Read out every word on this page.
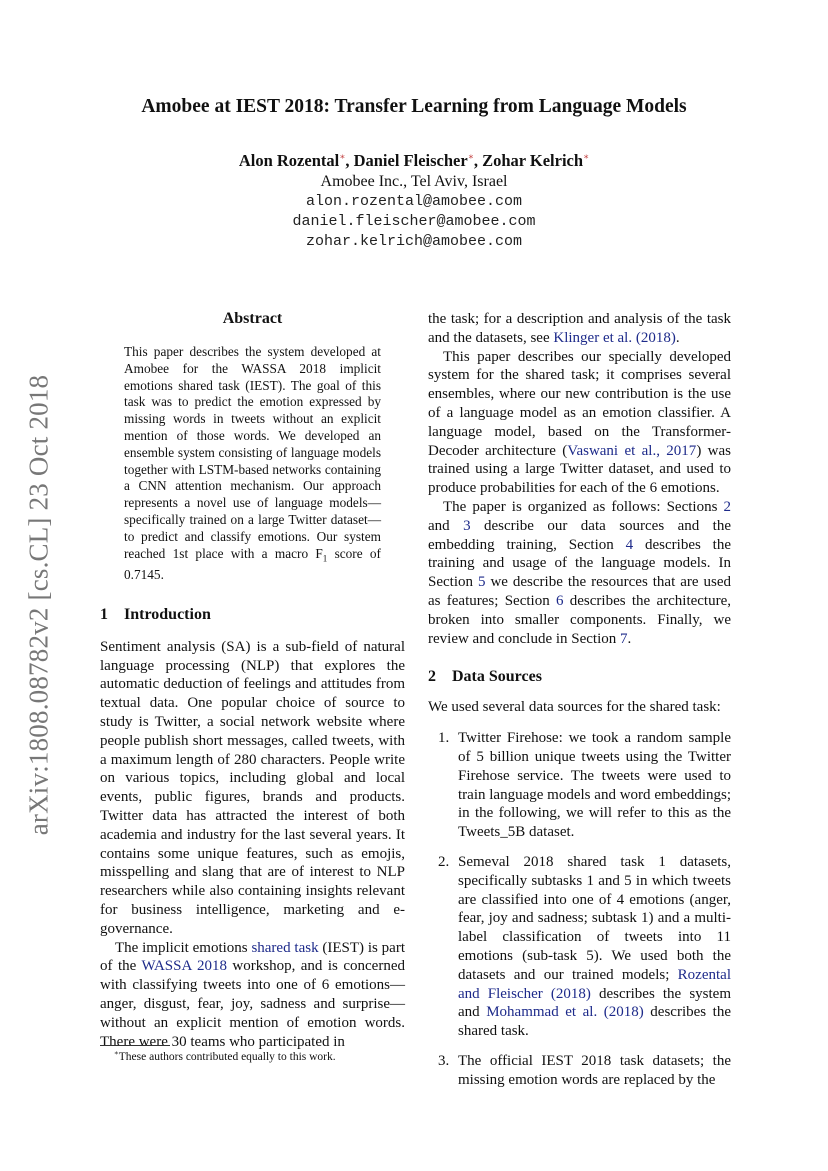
arXiv:1808.08782v2 [cs.CL] 23 Oct 2018
Amobee at IEST 2018: Transfer Learning from Language Models
Alon Rozental∗, Daniel Fleischer∗, Zohar Kelrich∗
Amobee Inc., Tel Aviv, Israel
alon.rozental@amobee.com
daniel.fleischer@amobee.com
zohar.kelrich@amobee.com
Abstract

This paper describes the system developed at Amobee for the WASSA 2018 implicit emotions shared task (IEST). The goal of this task was to predict the emotion expressed by missing words in tweets without an explicit mention of those words. We developed an ensemble system consisting of language models together with LSTM-based networks containing a CNN attention mechanism. Our approach represents a novel use of language models—specifically trained on a large Twitter dataset—to predict and classify emotions. Our system reached 1st place with a macro $F_1$ score of 0.7145.

1 Introduction

Sentiment analysis (SA) is a sub-field of natural language processing (NLP) that explores the automatic deduction of feelings and attitudes from textual data. One popular choice of source to study is Twitter, a social network website where people publish short messages, called tweets, with a maximum length of 280 characters. People write on various topics, including global and local events, public figures, brands and products. Twitter data has attracted the interest of both academia and industry for the last several years. It contains some unique features, such as emojis, misspelling and slang that are of interest to NLP researchers while also containing insights relevant for business intelligence, marketing and e-governance.

The implicit emotions shared task (IEST) is part of the WASSA 2018 workshop, and is concerned with classifying tweets into one of 6 emotions—anger, disgust, fear, joy, sadness and surprise—without an explicit mention of emotion words. There were 30 teams who participated in

∗These authors contributed equally to this work.

the task; for a description and analysis of the task and the datasets, see Klinger et al. (2018).

This paper describes our specially developed system for the shared task; it comprises several ensembles, where our new contribution is the use of a language model as an emotion classifier. A language model, based on the Transformer-Decoder architecture (Vaswani et al., 2017) was trained using a large Twitter dataset, and used to produce probabilities for each of the 6 emotions.

The paper is organized as follows: Sections 2 and 3 describe our data sources and the embedding training, Section 4 describes the training and usage of the language models. In Section 5 we describe the resources that are used as features; Section 6 describes the architecture, broken into smaller components. Finally, we review and conclude in Section 7.

2 Data Sources

We used several data sources for the shared task:

1. Twitter Firehose: we took a random sample of 5 billion unique tweets using the Twitter Firehose service. The tweets were used to train language models and word embeddings; in the following, we will refer to this as the Tweets_5B dataset.

2. Semeval 2018 shared task 1 datasets, specifically subtasks 1 and 5 in which tweets are classified into one of 4 emotions (anger, fear, joy and sadness; subtask 1) and a multi-label classification of tweets into 11 emotions (sub-task 5). We used both the datasets and our trained models; Rozental and Fleischer (2018) describes the system and Mohammad et al. (2018) describes the shared task.

3. The official IEST 2018 task datasets; the missing emotion words are replaced by the
